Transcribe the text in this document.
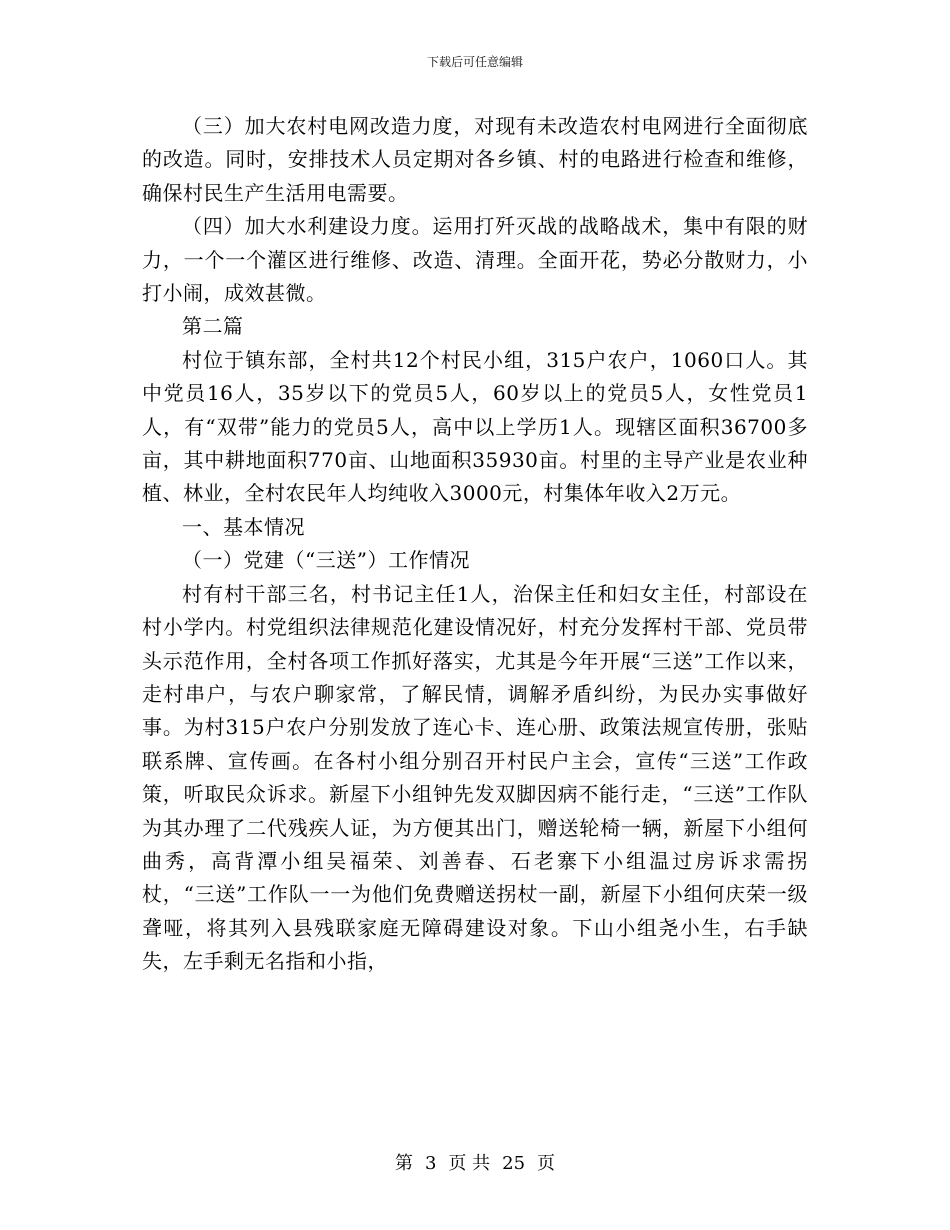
下载后可任意编辑

（三）加大农村电网改造力度，对现有未改造农村电网进行全面彻底的改造。同时，安排技术人员定期对各乡镇、村的电路进行检查和维修，确保村民生产生活用电需要。

（四）加大水利建设力度。运用打歼灭战的战略战术，集中有限的财力，一个一个灌区进行维修、改造、清理。全面开花，势必分散财力，小打小闹，成效甚微。

第二篇

村位于镇东部，全村共12个村民小组，315户农户，1060口人。其中党员16人，35岁以下的党员5人，60岁以上的党员5人，女性党员1人，有“双带”能力的党员5人，高中以上学历1人。现辖区面积36700多亩，其中耕地面积770亩、山地面积35930亩。村里的主导产业是农业种植、林业，全村农民年人均纯收入3000元，村集体年收入2万元。

一、基本情况

（一）党建（“三送”）工作情况

村有村干部三名，村书记主任1人，治保主任和妇女主任，村部设在村小学内。村党组织法律规范化建设情况好，村充分发挥村干部、党员带头示范作用，全村各项工作抓好落实，尤其是今年开展“三送”工作以来，走村串户，与农户聊家常，了解民情，调解矛盾纠纷，为民办实事做好事。为村315户农户分别发放了连心卡、连心册、政策法规宣传册，张贴联系牌、宣传画。在各村小组分别召开村民户主会，宣传“三送”工作政策，听取民众诉求。新屋下小组钟先发双脚因病不能行走，“三送”工作队为其办理了二代残疾人证，为方便其出门，赠送轮椅一辆，新屋下小组何曲秀，高背潭小组吴福荣、刘善春、石老寨下小组温过房诉求需拐杖，“三送”工作队一一为他们免费赠送拐杖一副，新屋下小组何庆荣一级聋哑，将其列入县残联家庭无障碍建设对象。下山小组尧小生，右手缺失，左手剩无名指和小指，

第 3 页 共 25 页
